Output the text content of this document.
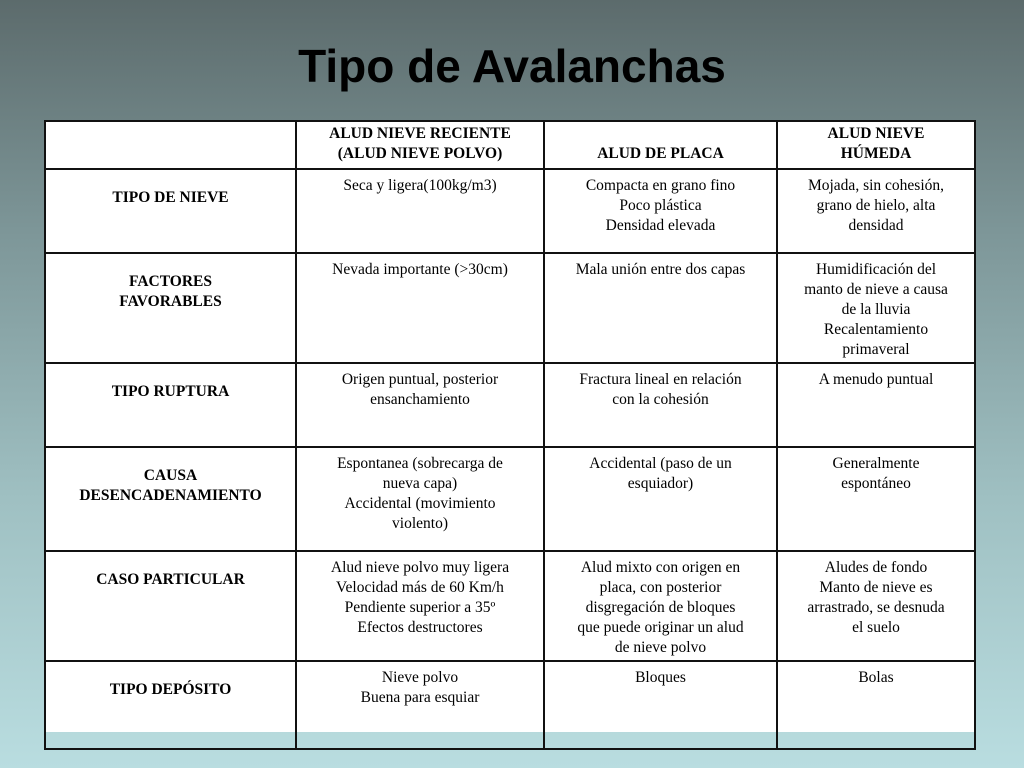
Tipo de Avalanchas
	ALUD NIEVE RECIENTE
(ALUD NIEVE POLVO)	ALUD DE PLACA	ALUD NIEVE
HÚMEDA
TIPO DE NIEVE	Seca y ligera(100kg/m3)	Compacta en grano fino
Poco plástica
Densidad elevada	Mojada, sin cohesión,
grano de hielo, alta
densidad
FACTORES
FAVORABLES	Nevada importante (>30cm)	Mala unión entre dos capas	Humidificación del
manto de nieve a causa
de la lluvia
Recalentamiento
primaveral
TIPO RUPTURA	Origen puntual, posterior
ensanchamiento	Fractura lineal en relación
con la cohesión	A menudo puntual
CAUSA
DESENCADENAMIENTO	Espontanea (sobrecarga de
nueva capa)
Accidental (movimiento
violento)	Accidental (paso de un
esquiador)	Generalmente
espontáneo
CASO PARTICULAR	Alud nieve polvo muy ligera
Velocidad más de 60 Km/h
Pendiente superior a 35º
Efectos destructores	Alud mixto con origen en
placa, con posterior
disgregación de bloques
que puede originar un alud
de nieve polvo	Aludes de fondo
Manto de nieve es
arrastrado, se desnuda
el suelo
TIPO DEPÓSITO	Nieve polvo
Buena para esquiar	Bloques	Bolas
